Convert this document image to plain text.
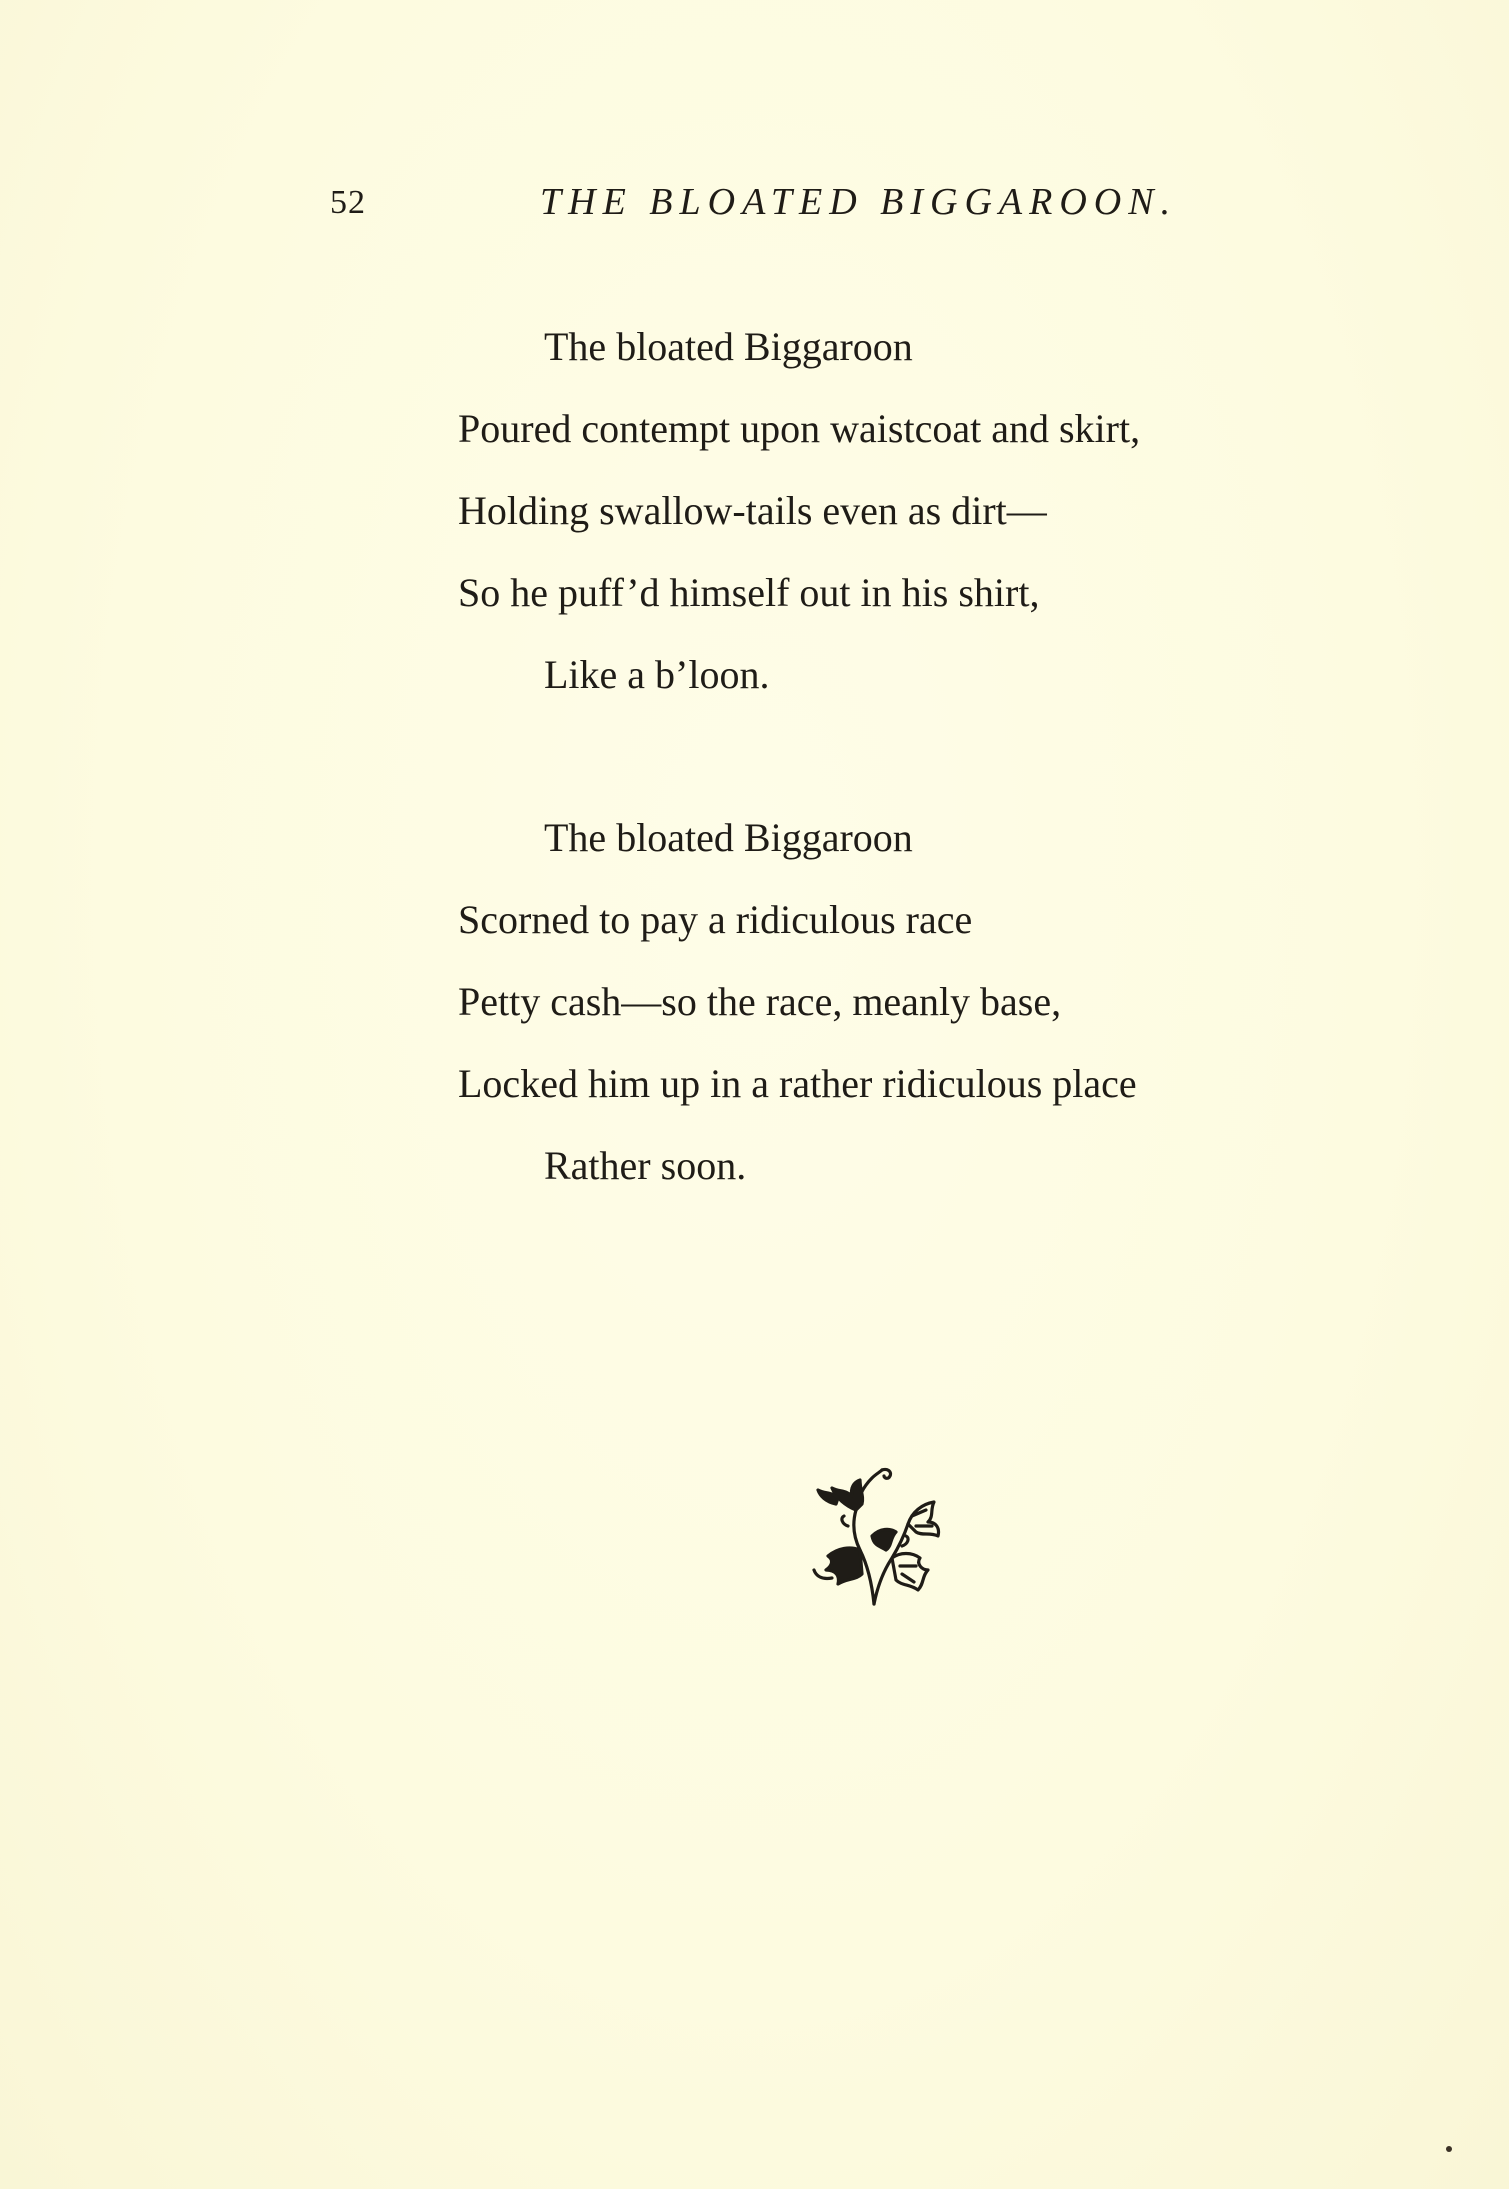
52	THE BLOATED BIGGAROON.
The bloated Biggaroon
Poured contempt upon waistcoat and skirt,
Holding swallow-tails even as dirt—
So he puff’d himself out in his shirt,
Like a b’loon.
The bloated Biggaroon
Scorned to pay a ridiculous race
Petty cash—so the race, meanly base,
Locked him up in a rather ridiculous place
Rather soon.
